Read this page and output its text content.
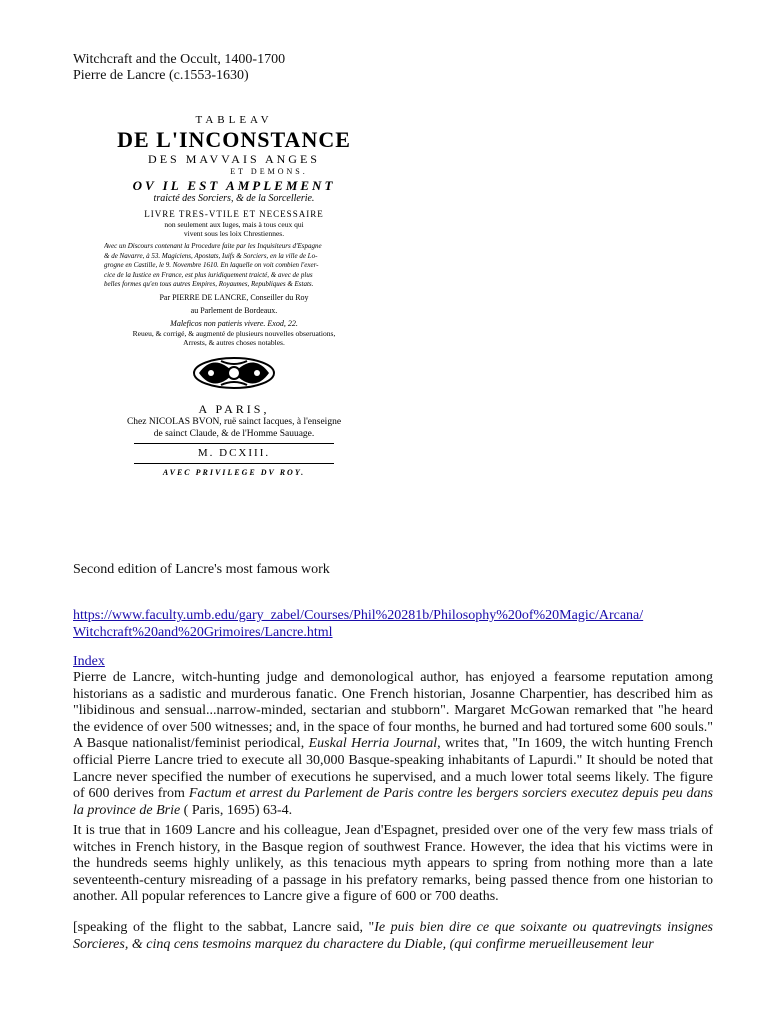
Witchcraft and the Occult, 1400-1700
Pierre de Lancre (c.1553-1630)
TABLEAV
DE L'INCONSTANCE
DES MAVVAIS ANGES
ET DEMONS.
OV IL EST AMPLEMENT
traicté des Sorciers, & de la Sorcellerie.
LIVRE TRES-VTILE ET NECESSAIRE
non seulement aux Iuges, mais à tous ceux qui
vivent sous les loix Chrestiennes.
Avec un Discours contenant la Procedure faite par les Inquisiteurs d'Espagne
& de Navarre, à 53. Magiciens, Apostats, Iuifs & Sorciers, en la ville de Lo-
grogne en Castille, le 9. Novembre 1610. En laquelle on voit combien l'exer-
cice de la Iustice en France, est plus iuridiquement traicté, & avec de plus
belles formes qu'en tous autres Empires, Royaumes, Republiques & Estats.
Par PIERRE DE LANCRE, Conseiller du Roy
au Parlement de Bordeaux.
Maleficos non patieris vivere. Exod, 22.
Reueu, & corrigé, & augmenté de plusieurs nouvelles obseruations,
Arrests, & autres choses notables.
A PARIS,
Chez NICOLAS BVON, ruë sainct Iacques, à l'enseigne
de sainct Claude, & de l'Homme Sauuage.
M. DCXIII.
AVEC PRIVILEGE DV ROY.
Second edition of Lancre's most famous work
https://www.faculty.umb.edu/gary_zabel/Courses/Phil%20281b/Philosophy%20of%20Magic/Arcana/
Witchcraft%20and%20Grimoires/Lancre.html
Index
Pierre de Lancre, witch-hunting judge and demonological author, has enjoyed a fearsome reputation among historians as a sadistic and murderous fanatic. One French historian, Josanne Charpentier, has described him as "libidinous and sensual...narrow-minded, sectarian and stubborn". Margaret McGowan remarked that "he heard the evidence of over 500 witnesses; and, in the space of four months, he burned and had tortured some 600 souls." A Basque nationalist/feminist periodical, Euskal Herria Journal, writes that, "In 1609, the witch hunting French official Pierre Lancre tried to execute all 30,000 Basque-speaking inhabitants of Lapurdi." It should be noted that Lancre never specified the number of executions he supervised, and a much lower total seems likely. The figure of 600 derives from Factum et arrest du Parlement de Paris contre les bergers sorciers executez depuis peu dans la province de Brie ( Paris, 1695) 63-4.
It is true that in 1609 Lancre and his colleague, Jean d'Espagnet, presided over one of the very few mass trials of witches in French history, in the Basque region of southwest France. However, the idea that his victims were in the hundreds seems highly unlikely, as this tenacious myth appears to spring from nothing more than a late seventeenth-century misreading of a passage in his prefatory remarks, being passed thence from one historian to another. All popular references to Lancre give a figure of 600 or 700 deaths.
[speaking of the flight to the sabbat, Lancre said, "Ie puis bien dire ce que soixante ou quatrevingts insignes Sorcieres, & cinq cens tesmoins marquez du charactere du Diable, (qui confirme merueilleusement leur
